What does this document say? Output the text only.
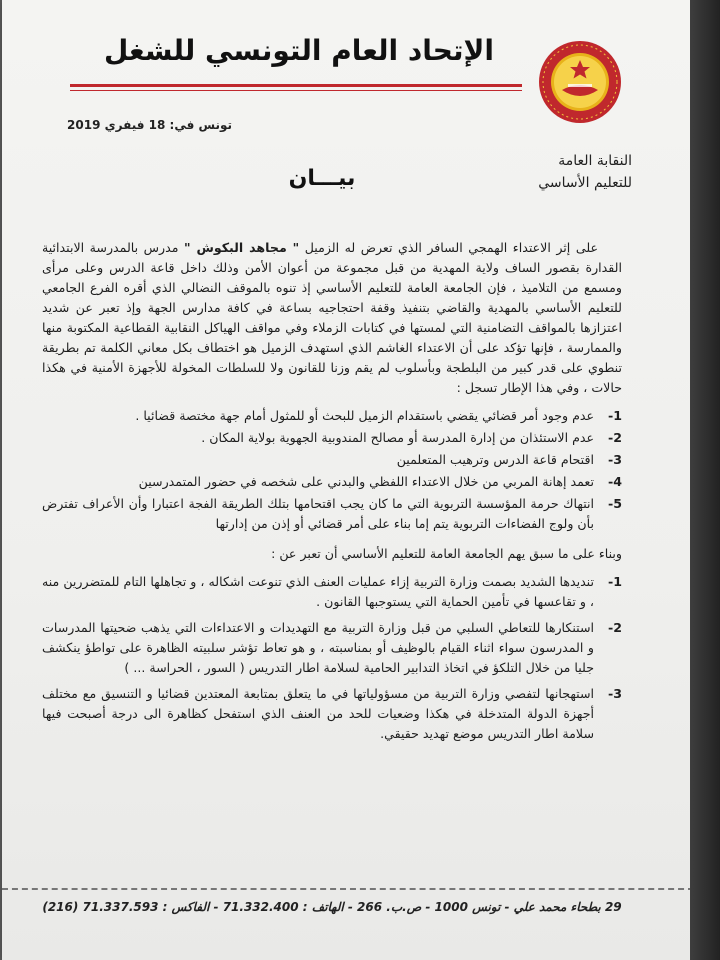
الإتحاد العام التونسي للشغل
تونس في: 18 فيفري 2019
النقابة العامة
للتعليم الأساسي
بيـــان

على إثر الاعتداء الهمجي السافر الذي تعرض له الزميل " مجاهد البكوش " مدرس بالمدرسة الابتدائية القدارة بقصور الساف ولاية المهدية من قبل مجموعة من أعوان الأمن وذلك داخل قاعة الدرس وعلى مرأى ومسمع من التلاميذ ، فإن الجامعة العامة للتعليم الأساسي إذ تنوه بالموقف النضالي الذي أقره الفرع الجامعي للتعليم الأساسي بالمهدية والقاضي بتنفيذ وقفة احتجاجيه بساعة في كافة مدارس الجهة وإذ تعبر عن شديد اعتزازها بالمواقف التضامنية التي لمستها في كتابات الزملاء وفي مواقف الهياكل النقابية القطاعية المكتوبة منها والممارسة ، فإنها تؤكد على أن الاعتداء الغاشم الذي استهدف الزميل هو اختطاف بكل معاني الكلمة تم بطريقة تنطوي على قدر كبير من البلطجة وبأسلوب لم يقم وزنا للقانون ولا للسلطات المخولة للأجهزة الأمنية في هكذا حالات ، وفي هذا الإطار تسجل :

1-
عدم وجود أمر قضائي يقضي باستقدام الزميل للبحث أو للمثول أمام جهة مختصة قضائيا .
2-
عدم الاستئذان من إدارة المدرسة أو مصالح المندوبية الجهوية بولاية المكان .
3-
اقتحام قاعة الدرس وترهيب المتعلمين
4-
تعمد إهانة المربي من خلال الاعتداء اللفظي والبدني على شخصه في حضور المتمدرسين
5-
انتهاك حرمة المؤسسة التربوية التي ما كان يجب اقتحامها بتلك الطريقة الفجة اعتبارا وأن الأعراف تفترض بأن ولوج الفضاءات التربوية يتم إما بناء على أمر قضائي أو إذن من إدارتها

وبناء على ما سبق يهم الجامعة العامة للتعليم الأساسي أن تعبر عن :

1-
تنديدها الشديد بصمت وزارة التربية إزاء عمليات العنف الذي تنوعت اشكاله ، و تجاهلها التام للمتضررين منه ، و تقاعسها في تأمين الحماية التي يستوجبها القانون .
2-
استنكارها للتعاطي السلبي من قبل وزارة التربية مع التهديدات و الاعتداءات التي يذهب ضحيتها المدرسات و المدرسون سواء اثناء القيام بالوظيف أو بمناسبته ، و هو تعاط تؤشر سلبيته الظاهرة على تواطؤ ينكشف جليا من خلال التلكؤ في اتخاذ التدابير الحامية لسلامة اطار التدريس ( السور ، الحراسة ... )
3-
استهجانها لتفصي وزارة التربية من مسؤولياتها في ما يتعلق بمتابعة المعتدين قضائيا و التنسيق مع مختلف أجهزة الدولة المتدخلة في هكذا وضعيات للحد من العنف الذي استفحل كظاهرة الى درجة أصبحت فيها سلامة اطار التدريس موضع تهديد حقيقي.
29 بطحاء محمد علي - تونس 1000 - ص.ب. 266 - الهاتف : 71.332.400 - الفاكس : 71.337.593 (216)
